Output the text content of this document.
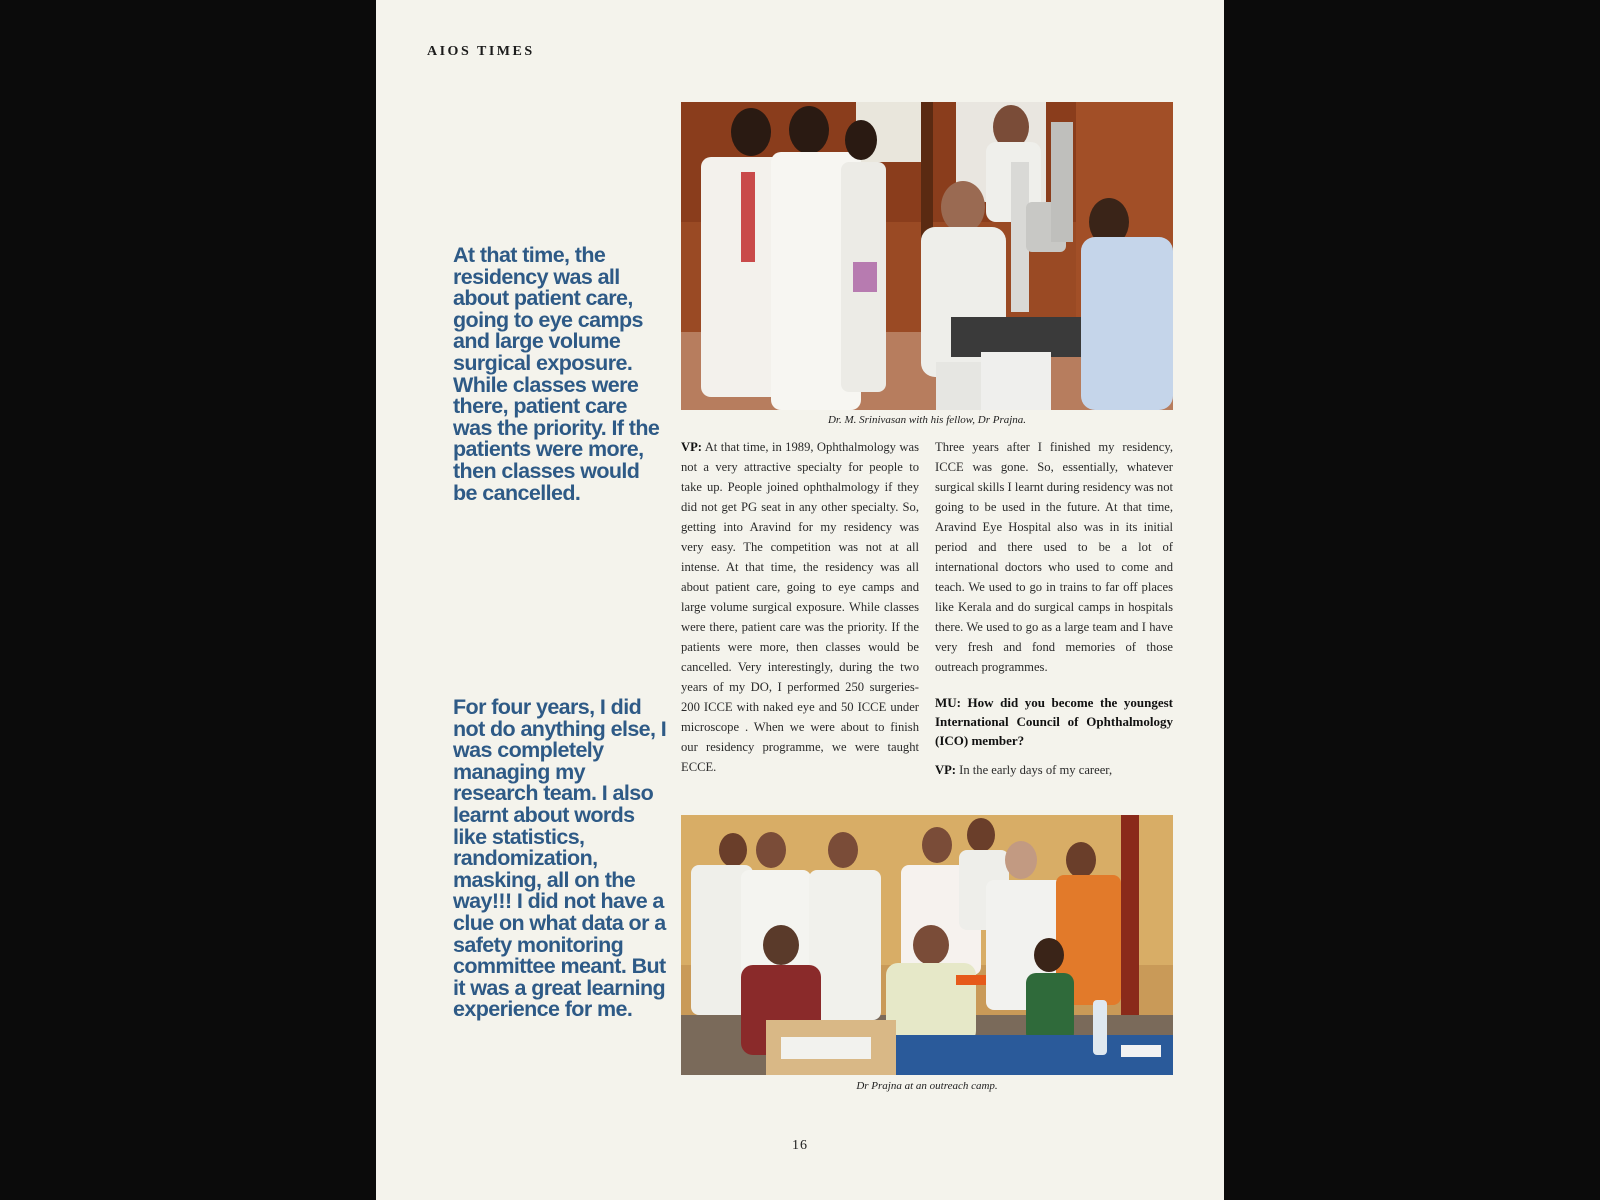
AIOS TIMES
At that time, the residency was all about patient care, going to eye camps and large volume surgical exposure. While classes were there, patient care was the priority. If the patients were more, then classes would be cancelled.
For four years, I did not do anything else, I was completely managing my research team. I also learnt about words like statistics, randomization, masking, all on the way!!! I did not have a clue on what data or a safety monitoring committee meant. But it was a great learning experience for me.
Dr. M. Srinivasan with his fellow, Dr Prajna.

VP: At that time, in 1989, Ophthalmology was not a very attractive specialty for people to take up. People joined ophthalmology if they did not get PG seat in any other specialty. So, getting into Aravind for my residency was very easy. The competition was not at all intense. At that time, the residency was all about patient care, going to eye camps and large volume surgical exposure. While classes were there, patient care was the priority. If the patients were more, then classes would be cancelled. Very interestingly, during the two years of my DO, I performed 250 surgeries- 200 ICCE with naked eye and 50 ICCE under microscope . When we were about to finish our residency programme, we were taught ECCE.

Three years after I finished my residency, ICCE was gone. So, essentially, whatever surgical skills I learnt during residency was not going to be used in the future. At that time, Aravind Eye Hospital also was in its initial period and there used to be a lot of international doctors who used to come and teach. We used to go in trains to far off places like Kerala and do surgical camps in hospitals there. We used to go as a large team and I have very fresh and fond memories of those outreach programmes.

MU: How did you become the youngest International Council of Ophthalmology (ICO) member?

VP: In the early days of my career,

Dr Prajna at an outreach camp.
16
